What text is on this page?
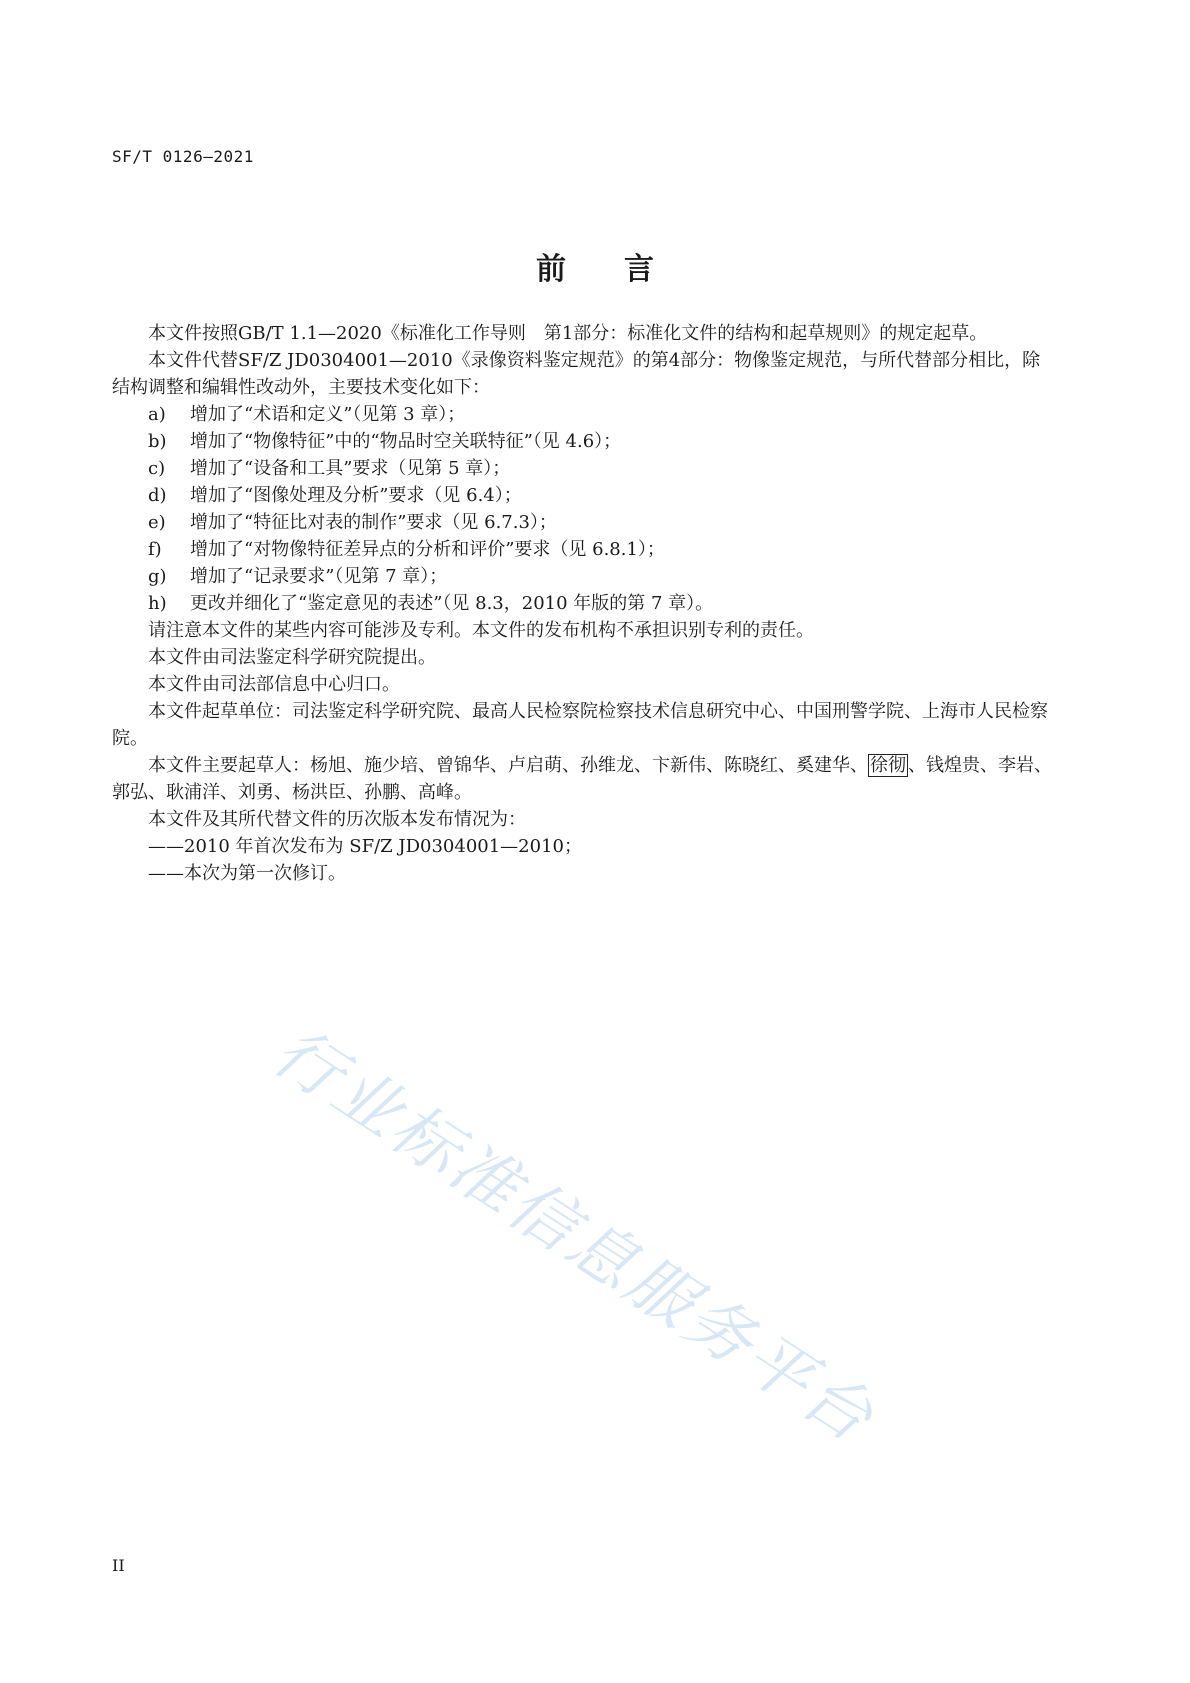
SF/T 0126—2021
前言

本文件按照GB/T 1.1—2020《标准化工作导则　第1部分：标准化文件的结构和起草规则》的规定起草。

本文件代替SF/Z JD0304001—2010《录像资料鉴定规范》的第4部分：物像鉴定规范，与所代替部分相比，除结构调整和编辑性改动外，主要技术变化如下：

a) 增加了“术语和定义”（见第 3 章）；

b) 增加了“物像特征”中的“物品时空关联特征”（见 4.6）；

c) 增加了“设备和工具”要求（见第 5 章）；

d) 增加了“图像处理及分析”要求（见 6.4）；

e) 增加了“特征比对表的制作”要求（见 6.7.3）；

f) 增加了“对物像特征差异点的分析和评价”要求（见 6.8.1）；

g) 增加了“记录要求”（见第 7 章）；

h) 更改并细化了“鉴定意见的表述”（见 8.3，2010 年版的第 7 章）。

请注意本文件的某些内容可能涉及专利。本文件的发布机构不承担识别专利的责任。

本文件由司法鉴定科学研究院提出。

本文件由司法部信息中心归口。

本文件起草单位：司法鉴定科学研究院、最高人民检察院检察技术信息研究中心、中国刑警学院、上海市人民检察院。

本文件主要起草人：杨旭、施少培、曾锦华、卢启萌、孙维龙、卞新伟、陈晓红、奚建华、 徐彻 、钱煌贵、李岩、郭弘、耿浦洋、刘勇、杨洪臣、孙鹏、高峰。

本文件及其所代替文件的历次版本发布情况为：

——2010 年首次发布为 SF/Z JD0304001—2010；

——本次为第一次修订。

行业标准信息服务平台
II
